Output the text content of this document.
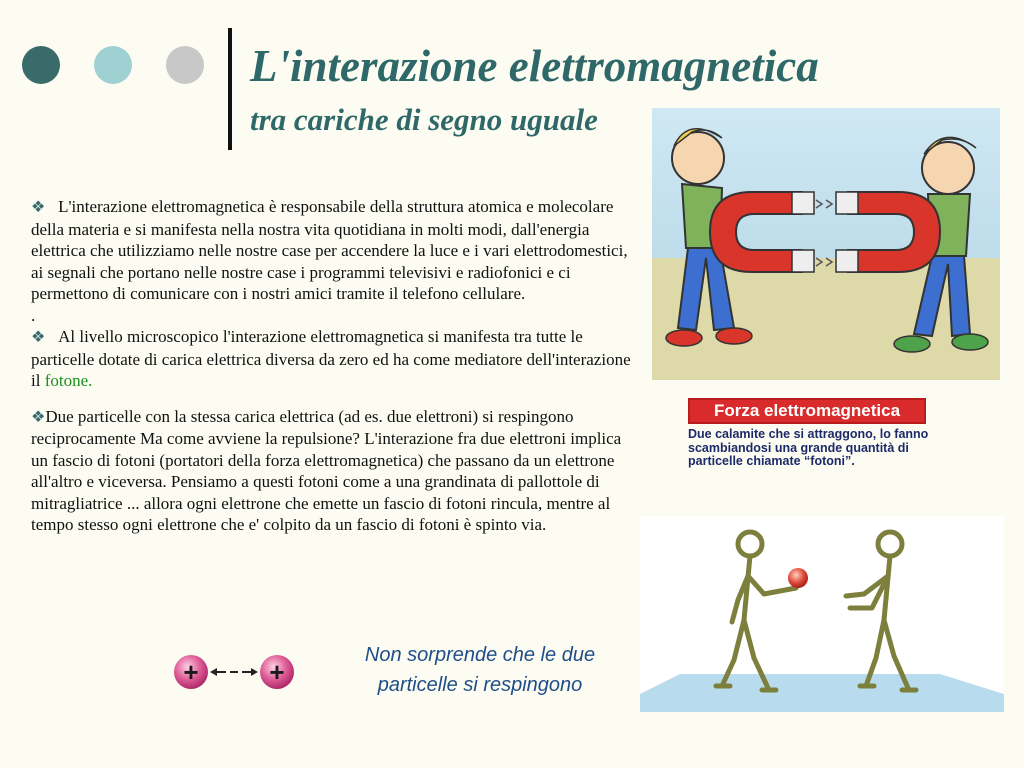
L'interazione elettromagnetica
tra cariche di segno uguale

❖ L'interazione elettromagnetica è responsabile della struttura atomica e molecolare della materia e si manifesta nella nostra vita quotidiana in molti modi, dall'energia elettrica che utilizziamo nelle nostre case per accendere la luce e i vari elettrodomestici, ai segnali che portano nelle nostre case i programmi televisivi e radiofonici e ci permettono di comunicare con i nostri amici tramite il telefono cellulare.

.

❖ Al livello microscopico l'interazione elettromagnetica si manifesta tra tutte le particelle dotate di carica elettrica diversa da zero ed ha come mediatore dell'interazione il fotone.

❖Due particelle con la stessa carica elettrica (ad es. due elettroni) si respingono reciprocamente Ma come avviene la repulsione? L'interazione fra due elettroni implica un fascio di fotoni (portatori della forza elettromagnetica) che passano da un elettrone all'altro e viceversa. Pensiamo a questi fotoni come a una grandinata di pallottole di mitragliatrice ... allora ogni elettrone che emette un fascio di fotoni rincula, mentre al tempo stesso ogni elettrone che e' colpito da un fascio di fotoni è spinto via.

+	+
Non sorprende che le due
particelle si respingono
Forza elettromagnetica
Due calamite che si attraggono, lo fanno scambiandosi una grande quantità di particelle chiamate “fotoni”.
